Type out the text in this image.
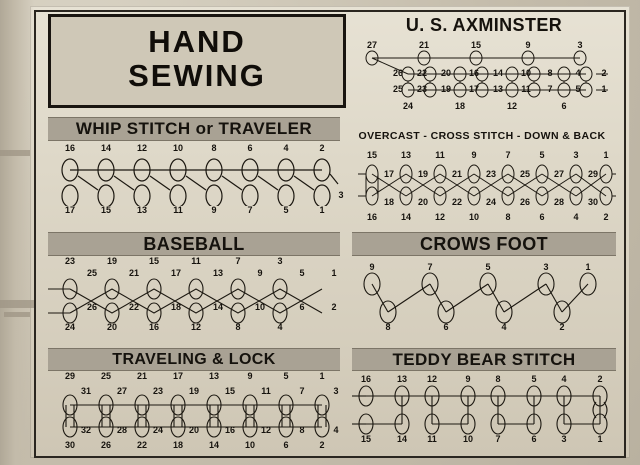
HAND
SEWING
WHIP STITCH or TRAVELER
16	14	12	10	8	6	4	2
17	15	13	11	9	7	5	1
3
BASEBALL
23	19	15	11	7	3
25	21	17	13	9	5	1
26	22	18	14	10	6	2
24	20	16	12	8	4
TRAVELING & LOCK
29	25	21	17	13	9	5	1
31	27	23	19	15	11	7	3
32	28	24	20	16	12	8	4
30	26	22	18	14	10	6	2
U. S. AXMINSTER
27	21	15	9	3
26 22 20 16 14 10 8	4 2
25 23 19 17 13 11 7	5 1
24	18	12	6
OVERCAST - CROSS STITCH - DOWN & BACK
15	13	11	9	7	5	3	1
17	19	21	23	25	27	29
18	20	22	24	26	28	30
16	14	12	10	8	6	4	2
CROWS FOOT
9	7	5	3	1
8	6	4	2
TEDDY BEAR STITCH
16	13 12	9	8	5	4	2
15	14 11	10 7	6	3	1
